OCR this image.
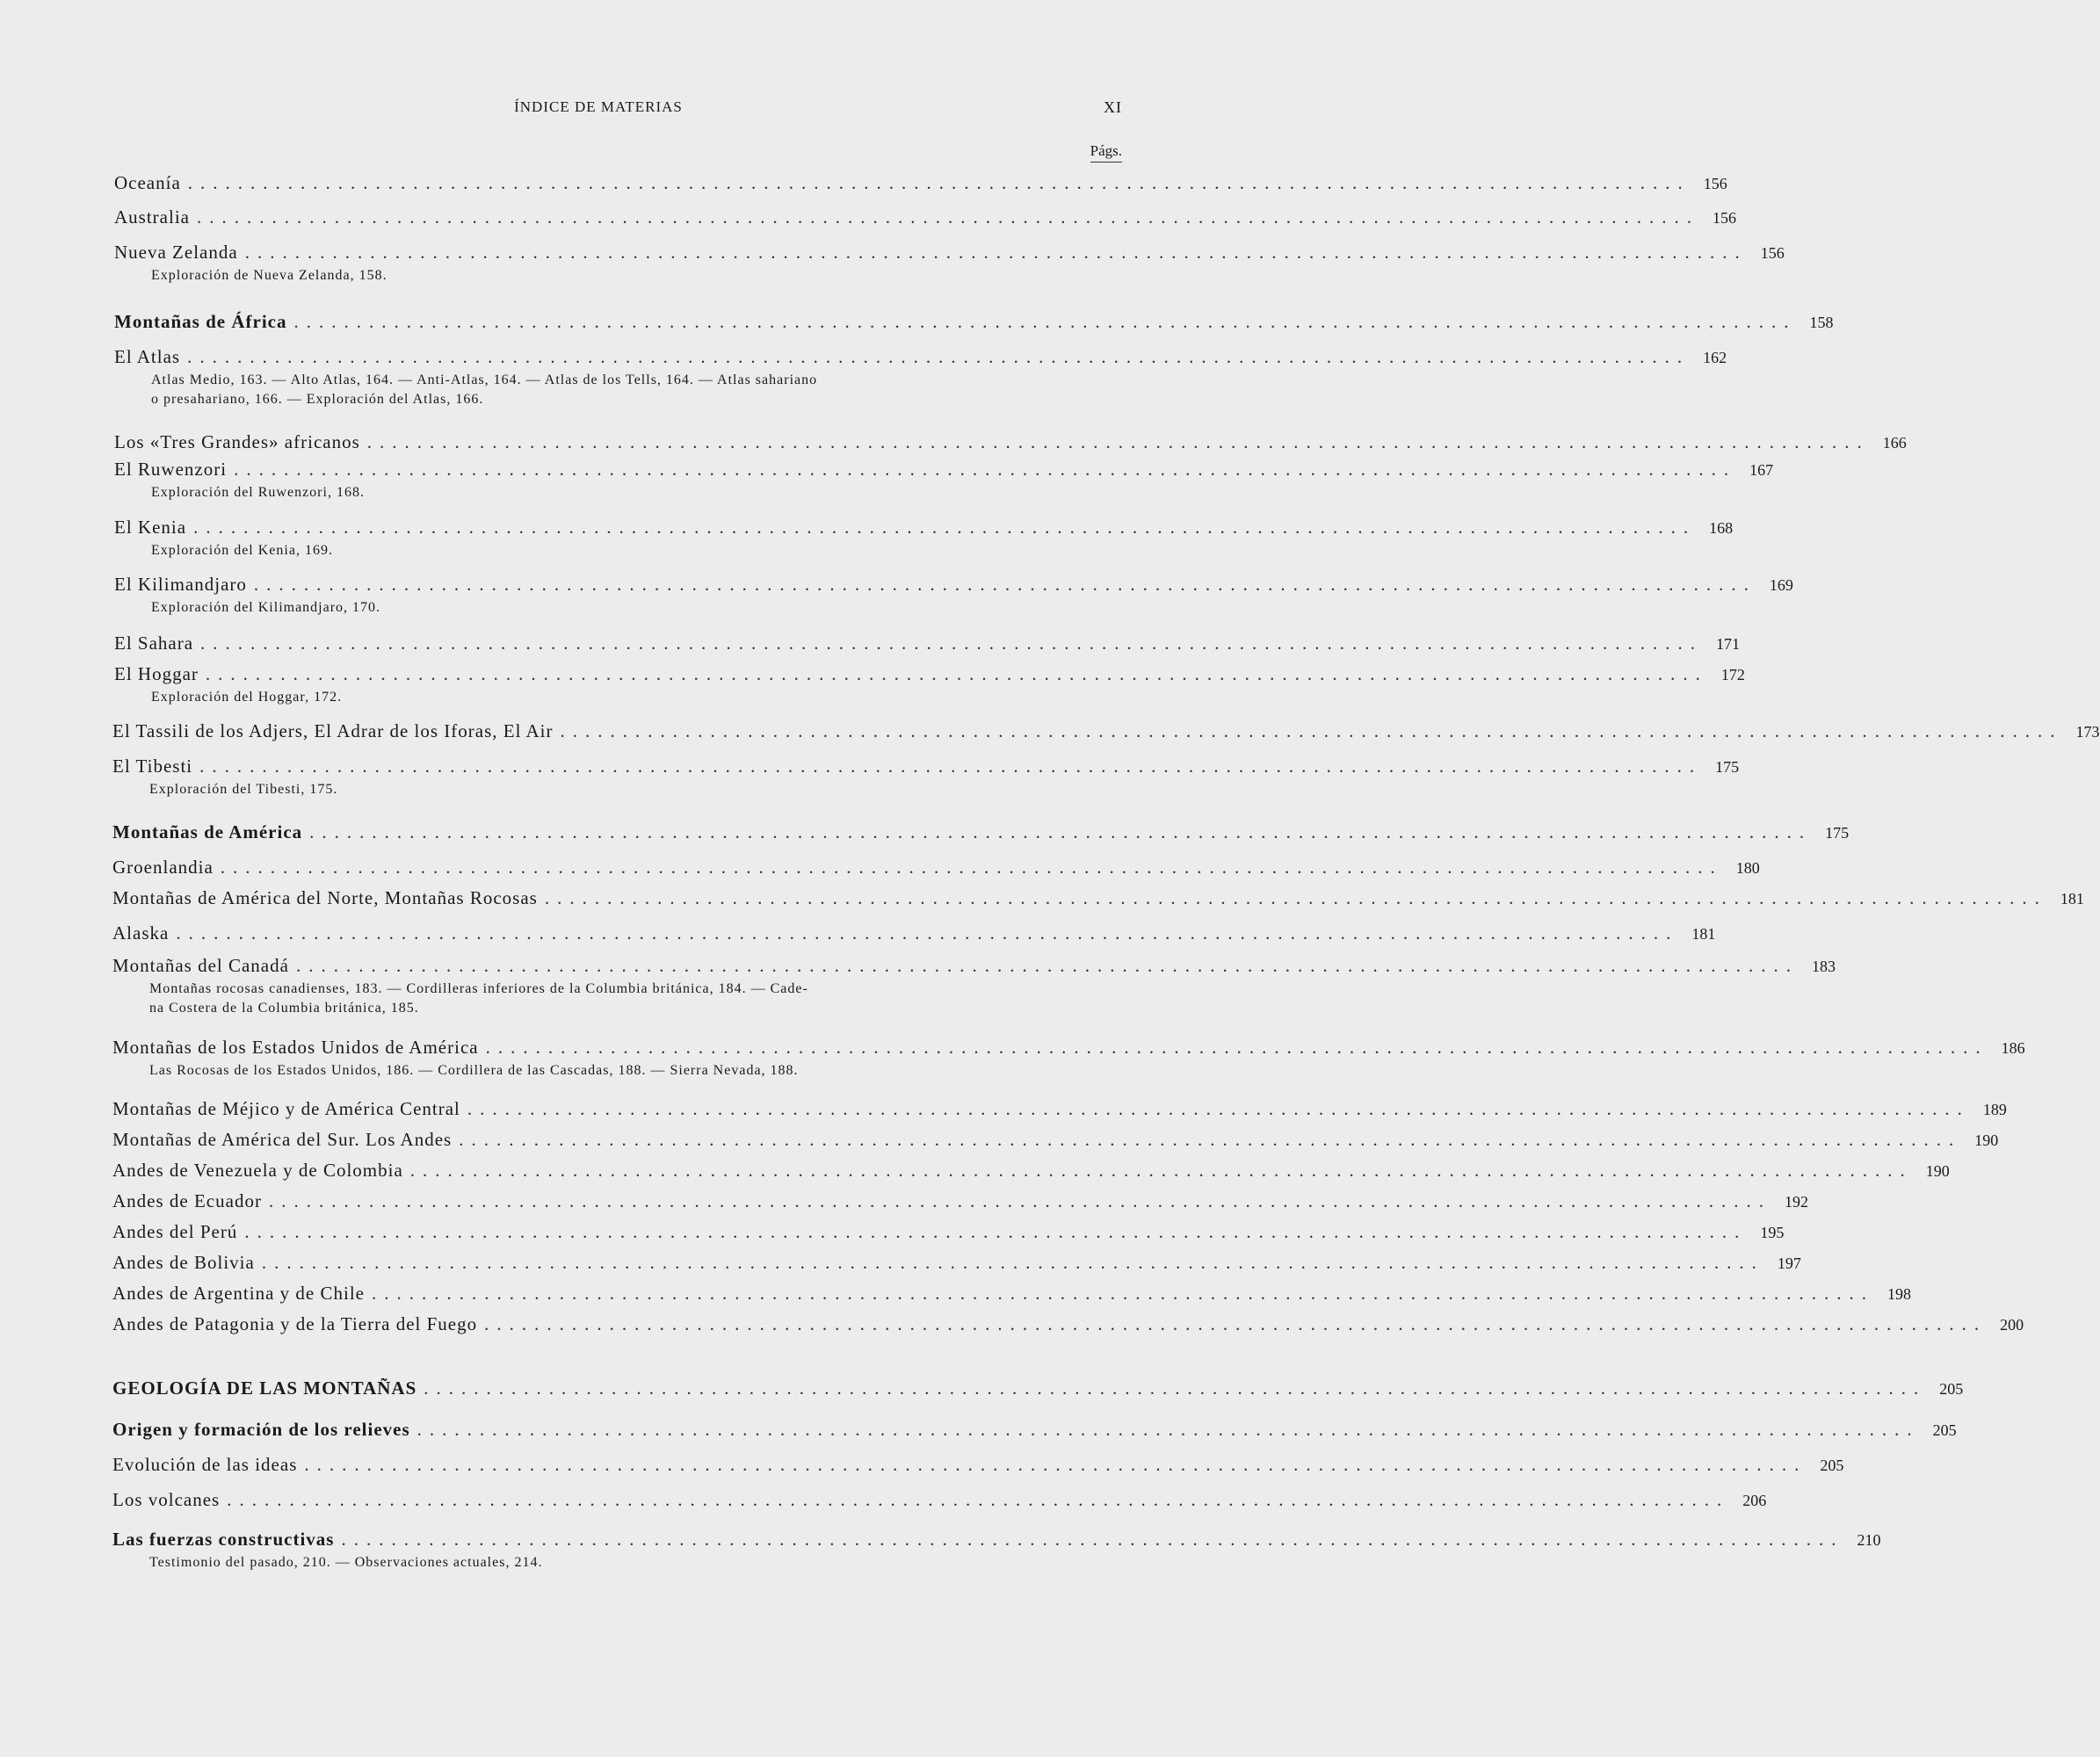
ÍNDICE DE MATERIAS	XI
Págs.
Oceanía ........................................................................................................................ 156
Australia ........................................................................................................................ 156
Nueva Zelanda ........................................................................................................................ 156
Exploración de Nueva Zelanda, 158.
Montañas de África ........................................................................................................................ 158
El Atlas ........................................................................................................................ 162
Atlas Medio, 163. — Alto Atlas, 164. — Anti-Atlas, 164. — Atlas de los Tells, 164. — Atlas sahariano
o presahariano, 166. — Exploración del Atlas, 166.
Los «Tres Grandes» africanos ........................................................................................................................ 166
El Ruwenzori ........................................................................................................................ 167
Exploración del Ruwenzori, 168.
El Kenia ........................................................................................................................ 168
Exploración del Kenia, 169.
El Kilimandjaro ........................................................................................................................ 169
Exploración del Kilimandjaro, 170.
El Sahara ........................................................................................................................ 171
El Hoggar ........................................................................................................................ 172
Exploración del Hoggar, 172.
El Tassili de los Adjers, El Adrar de los Iforas, El Air ........................................................................................................................ 173
El Tibesti ........................................................................................................................ 175
Exploración del Tibesti, 175.
Montañas de América ........................................................................................................................ 175
Groenlandia ........................................................................................................................ 180
Montañas de América del Norte, Montañas Rocosas ........................................................................................................................ 181
Alaska ........................................................................................................................ 181
Montañas del Canadá ........................................................................................................................ 183
Montañas rocosas canadienses, 183. — Cordilleras inferiores de la Columbia británica, 184. — Cade-
na Costera de la Columbia británica, 185.
Montañas de los Estados Unidos de América ........................................................................................................................ 186
Las Rocosas de los Estados Unidos, 186. — Cordillera de las Cascadas, 188. — Sierra Nevada, 188.
Montañas de Méjico y de América Central ........................................................................................................................ 189
Montañas de América del Sur. Los Andes ........................................................................................................................ 190
Andes de Venezuela y de Colombia ........................................................................................................................ 190
Andes de Ecuador ........................................................................................................................ 192
Andes del Perú ........................................................................................................................ 195
Andes de Bolivia ........................................................................................................................ 197
Andes de Argentina y de Chile ........................................................................................................................ 198
Andes de Patagonia y de la Tierra del Fuego ........................................................................................................................ 200
GEOLOGÍA DE LAS MONTAÑAS ........................................................................................................................ 205
Origen y formación de los relieves ........................................................................................................................ 205
Evolución de las ideas ........................................................................................................................ 205
Los volcanes ........................................................................................................................ 206
Las fuerzas constructivas ........................................................................................................................ 210
Testimonio del pasado, 210. — Observaciones actuales, 214.
